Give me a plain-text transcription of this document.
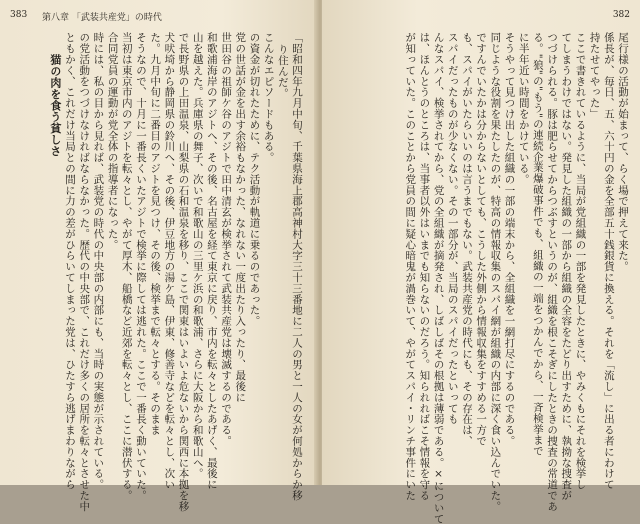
383 第八章 「武装共産党」の時代
「昭和四年九月中旬、千葉県海上郡高神村大字三十三番地に二人の男と一人の女が何処からか移
り住んだ。
こんなエピソードもある。
の資金が切れたために、テク活動が軌道に乗るのであった。
党の世話が金を出す余裕もなかった、なれない一度出たり入ったり、最後に
世田谷の祖師ケ谷のアジトで田中清玄が検挙されて武装共産党は壊滅するのである。
和歌浦海岸のアジトへ、その後、名古屋を経て東京に戻り、市内を転々としたあげく、最後に
山を越えた。兵庫県の舞子、次いで和歌山の三里ケ浜の和歌浦、さらに大阪から和歌山へ。
で長野県の上田温泉、山梨県の石和温泉を移り、ここで関東はいよいよ危ないから関西に本拠を移
犬吠埼から静岡県の鈴川へ、その後、伊豆地方の湯ケ島、伊東、修善寺などを転々とし、次い
た。九月中旬に二番目のアジトを見つけ、その後、検挙まで転々とする。そのまま
そうなので、十月に一番長くいたアジトで検挙に際しては逃れた。ここで一番長く動いていた。
当初は東京市内のアジトを転々とし、やがて厚木、船橋など近郊を転々とし、ここに潜伏する。
合同党員の運動が党全体の指導者になった。
時には、私の目から見れば、武装党の時代の中央部の内部にも、当時の実態が示されている。
の党活動をつづけなければならなかった。歴代の中央部で、これだけ多くの居所を転々とさせた中
ともかく、これだけ当局との間に力の差がひらいてしまった党は、ひたすら逃げまわりながら
猫の肉を食う貧しさ
382
尾行様の活動が始まって、らく場で押えて来た。
係長が、毎日、五、六十円の金を全部五十銭銀貨に換える。それを「流し」に出る者にわけて
持たせてやった」
ここで書きれているように、当局が党組織の一部を発見したときに、やみくもにそれを検挙し
てしまうわけではない。発見した組織の一部から組織の全容をたどり出すために、執拗な捜査が
つづけられる。豚は肥らせてからつぶすというのが、組織を根こそぎにしたときの捜査の常道であ
る。"狼"の"もう"の連続企業爆破事件でも、組織の一端をつかんでから、一斉検挙まで
に半年近い時間をかけている。
そうやって見つけ出した組織の一部の端末から、全組織を一網打尽にするのである。
同じような役割を果たしたのが、特高の情報収集のスパイ網が組織の内部に深く食い込んでいた。
ですんでいたかは分からないとしても、こうした外側から情報収集をすすめる一方で
も、スパイがいたらいいのは言うまでもない。武装共産党の時代にも、その存在は、
スパイだったものが少なくない。その一部分が、当局のスパイだったといっても
んなスパイ、検挙されてから、党の全組織が摘発され、しばしばその根拠は薄弱である。×について
は、ほんとうのところは、当事者以外はいまでも知らないのだろう。知られればこそ情報を守る
が知っていた。このことから党員の間に疑心暗鬼が渦巻いて、やがてスパイ・リンチ事件にいた
